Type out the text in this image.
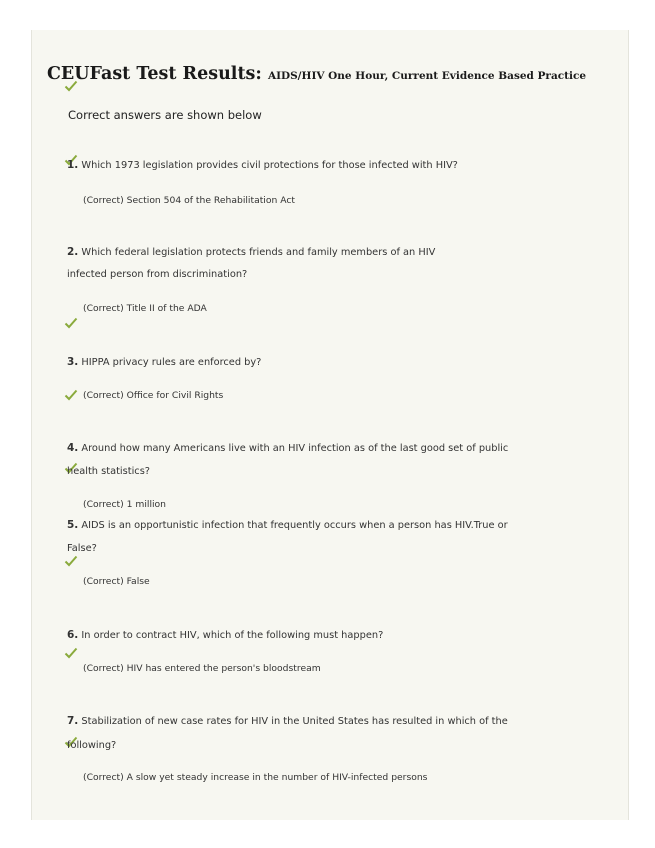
CEUFast Test Results: AIDS/HIV One Hour, Current Evidence Based Practice
Correct answers are shown below
1. Which 1973 legislation provides civil protections for those infected with HIV?
(Correct) Section 504 of the Rehabilitation Act
2. Which federal legislation protects friends and family members of an HIV
infected person from discrimination?
(Correct) Title II of the ADA
3. HIPPA privacy rules are enforced by?
(Correct) Office for Civil Rights
4. Around how many Americans live with an HIV infection as of the last good set of public
health statistics?
(Correct) 1 million
5. AIDS is an opportunistic infection that frequently occurs when a person has HIV.True or
False?
(Correct) False
6. In order to contract HIV, which of the following must happen?
(Correct) HIV has entered the person's bloodstream
7. Stabilization of new case rates for HIV in the United States has resulted in which of the
following?
(Correct) A slow yet steady increase in the number of HIV-infected persons
